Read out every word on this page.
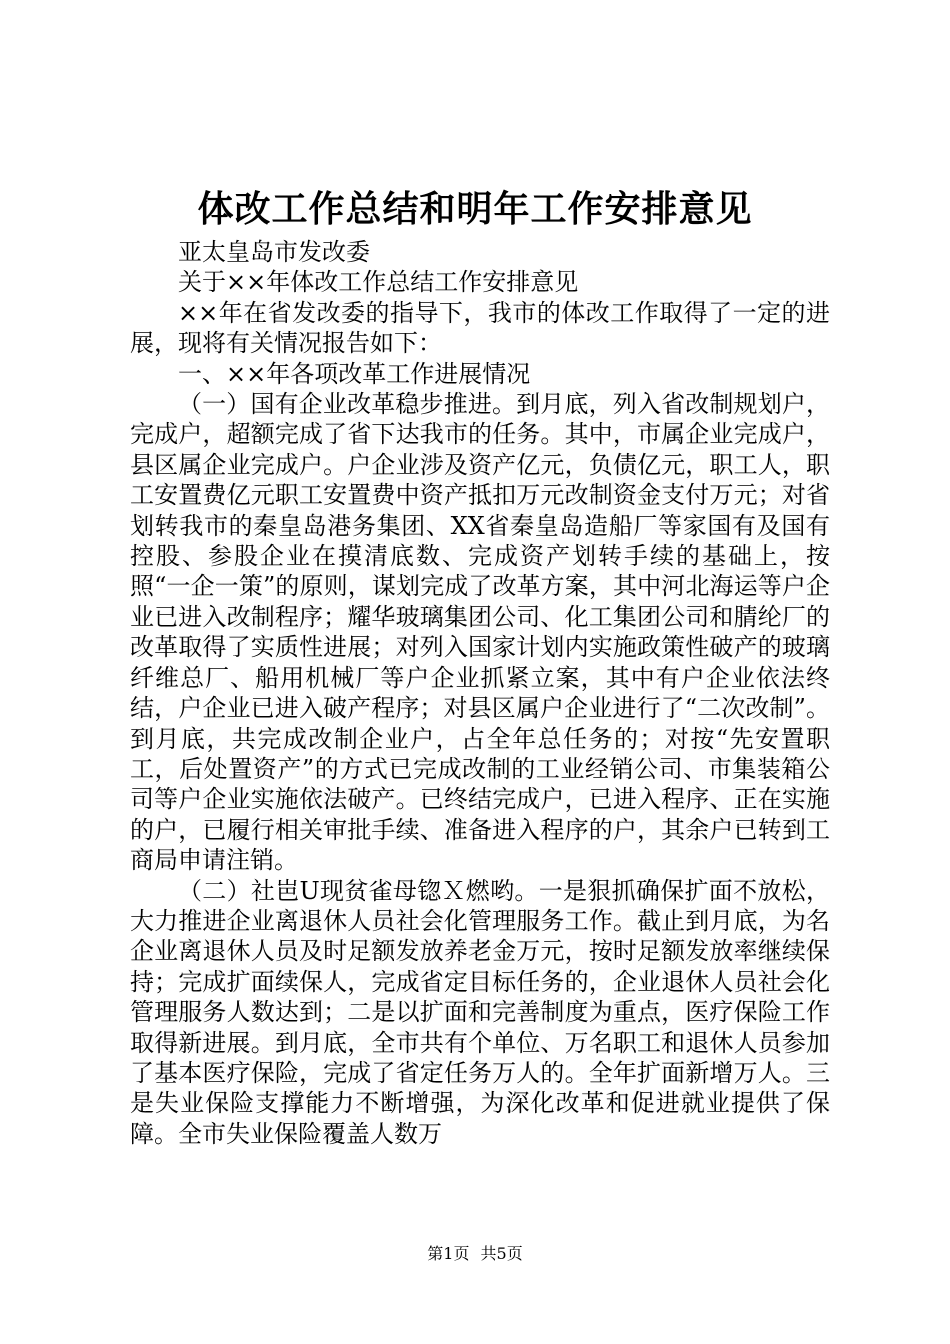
体改工作总结和明年工作安排意见

亚太皇岛市发改委

关于××年体改工作总结工作安排意见

××年在省发改委的指导下，我市的体改工作取得了一定的进展，现将有关情况报告如下：

一、××年各项改革工作进展情况

（一）国有企业改革稳步推进。到月底，列入省改制规划户，完成户，超额完成了省下达我市的任务。其中，市属企业完成户，县区属企业完成户。户企业涉及资产亿元，负债亿元，职工人，职工安置费亿元职工安置费中资产抵扣万元改制资金支付万元；对省划转我市的秦皇岛港务集团、XX省秦皇岛造船厂等家国有及国有控股、参股企业在摸清底数、完成资产划转手续的基础上，按照“一企一策”的原则，谋划完成了改革方案，其中河北海运等户企业已进入改制程序；耀华玻璃集团公司、化工集团公司和腈纶厂的改革取得了实质性进展；对列入国家计划内实施政策性破产的玻璃纤维总厂、船用机械厂等户企业抓紧立案，其中有户企业依法终结，户企业已进入破产程序；对县区属户企业进行了“二次改制”。到月底，共完成改制企业户，占全年总任务的；对按“先安置职工，后处置资产”的方式已完成改制的工业经销公司、市集装箱公司等户企业实施依法破产。已终结完成户，已进入程序、正在实施的户，已履行相关审批手续、准备进入程序的户，其余户已转到工商局申请注销。

（二）社岜U现贫雀母锪Ｘ燃哟。一是狠抓确保扩面不放松，大力推进企业离退休人员社会化管理服务工作。截止到月底，为名企业离退休人员及时足额发放养老金万元，按时足额发放率继续保持；完成扩面续保人，完成省定目标任务的，企业退休人员社会化管理服务人数达到；二是以扩面和完善制度为重点，医疗保险工作取得新进展。到月底，全市共有个单位、万名职工和退休人员参加了基本医疗保险，完成了省定任务万人的。全年扩面新增万人。三是失业保险支撑能力不断增强，为深化改革和促进就业提供了保障。全市失业保险覆盖人数万

第1页 共5页
